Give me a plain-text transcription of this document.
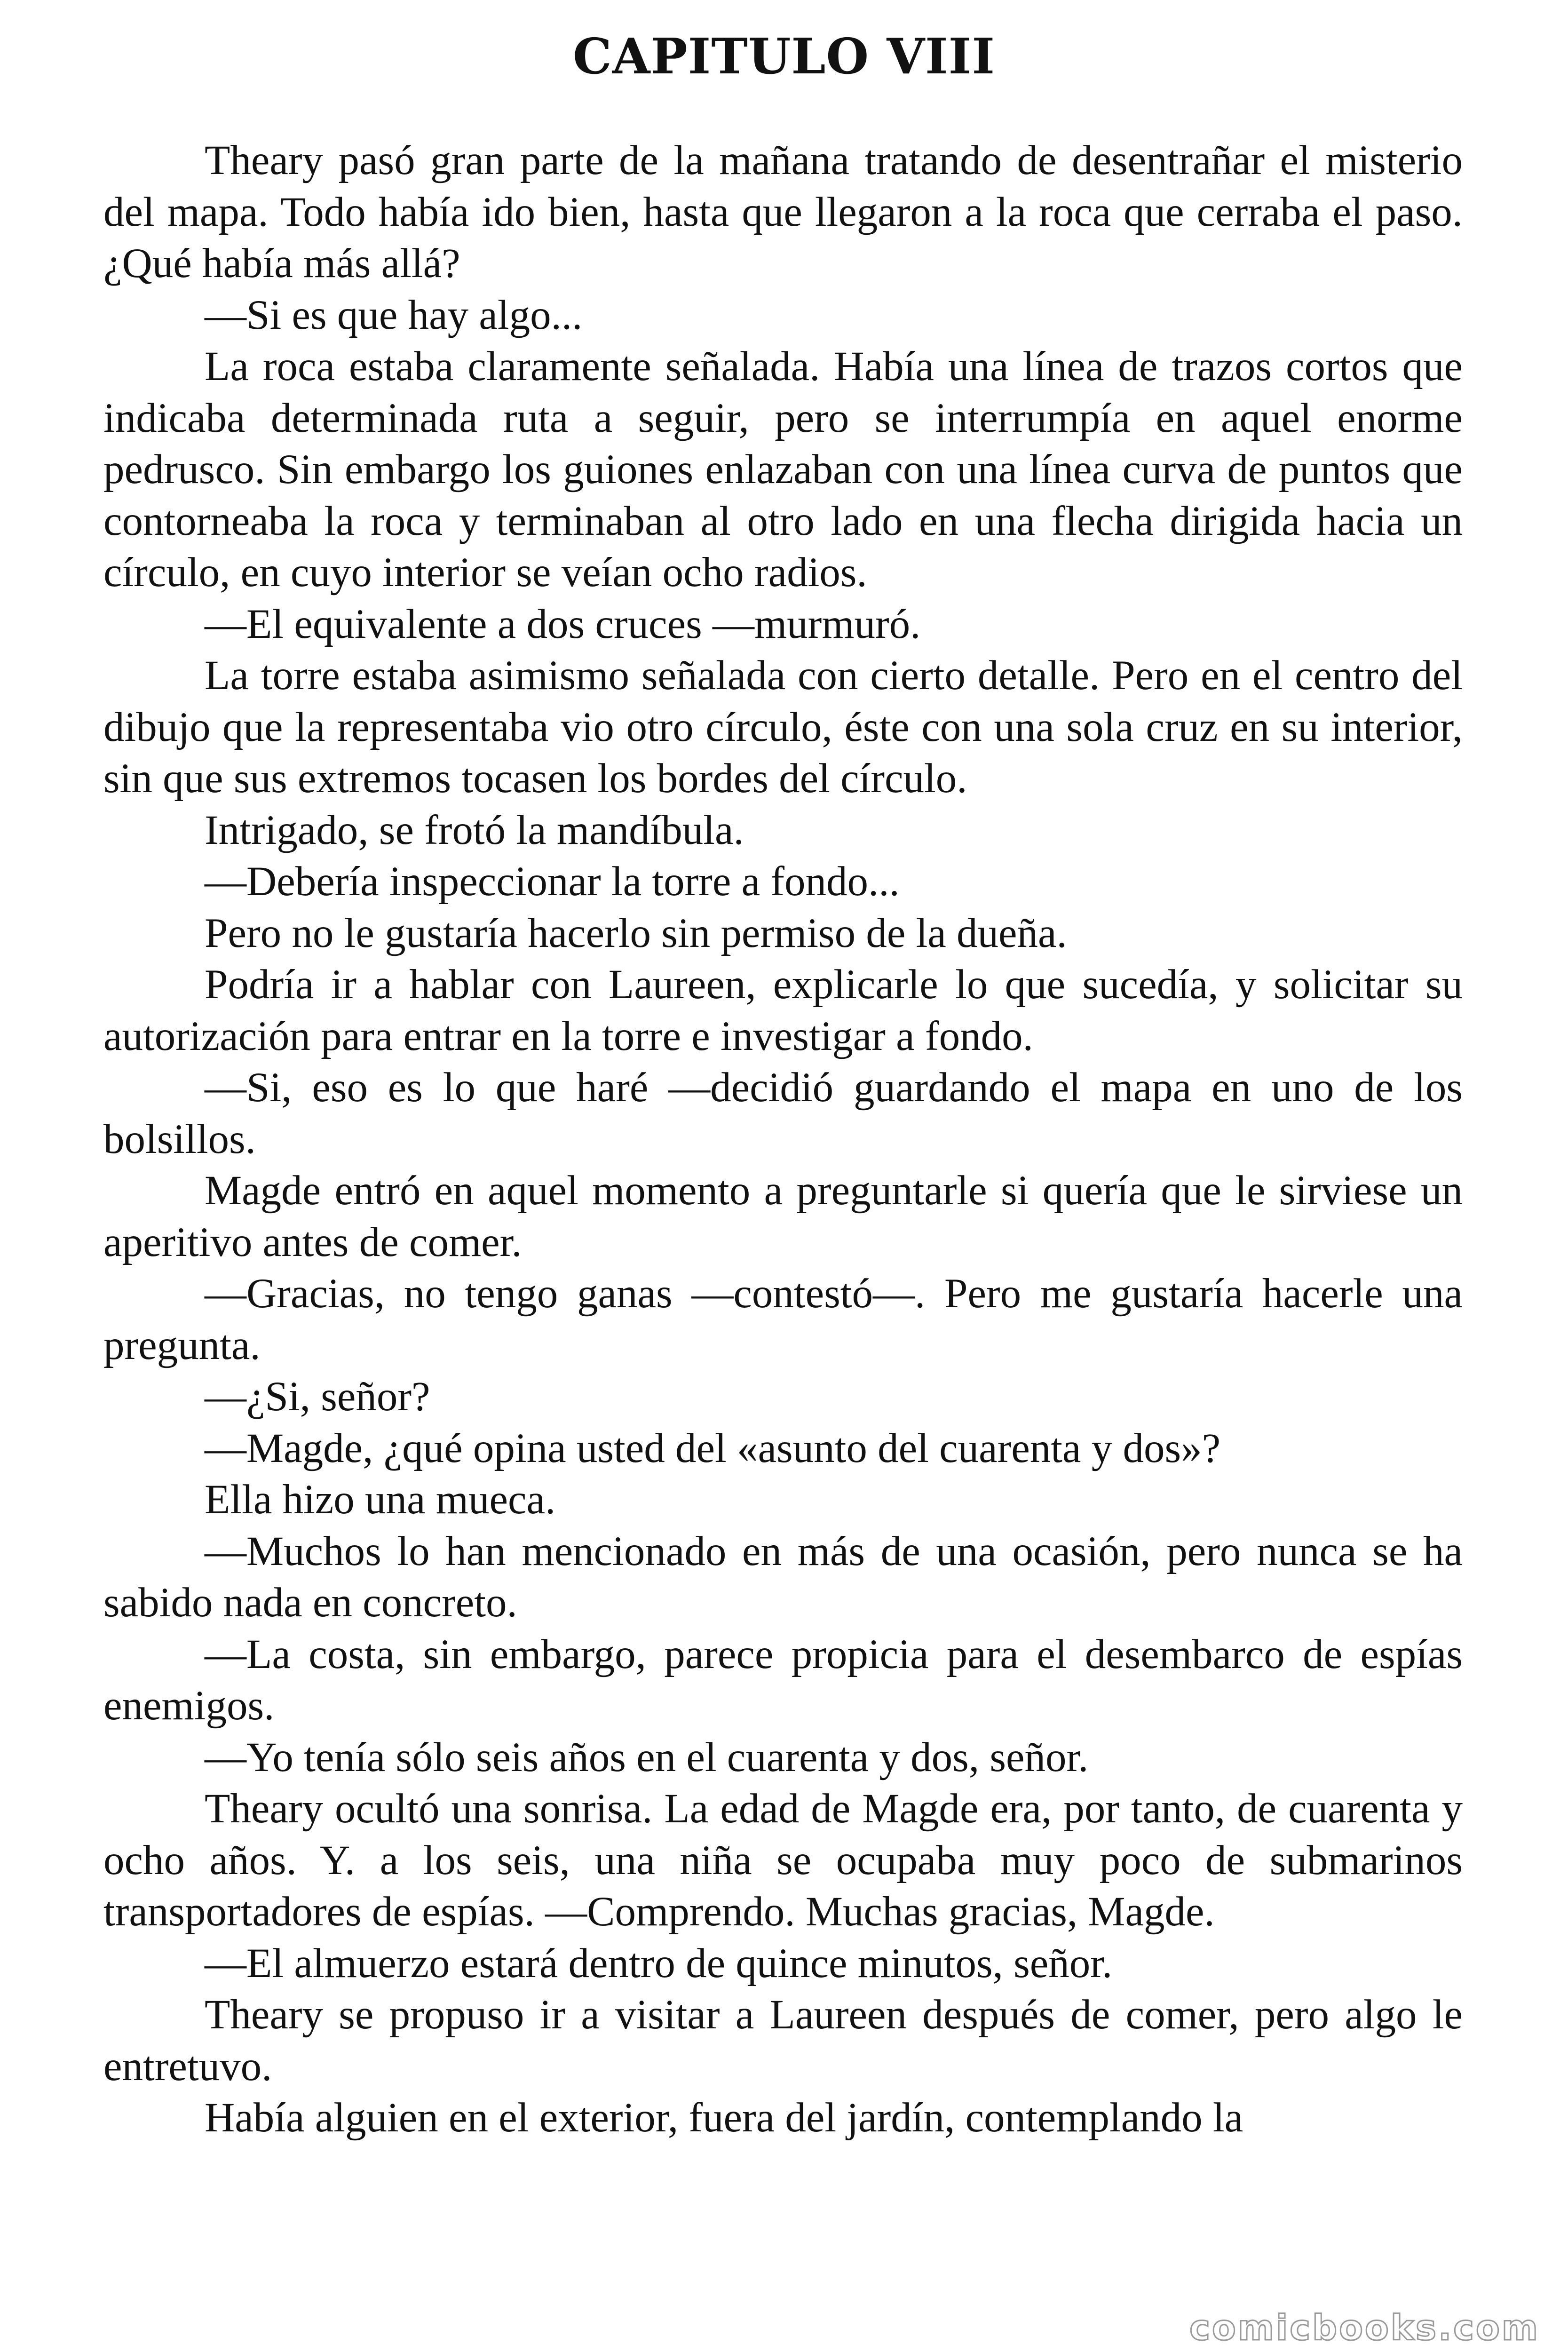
CAPITULO VIII

Theary pasó gran parte de la mañana tratando de desentrañar el misterio del mapa. Todo había ido bien, hasta que llegaron a la roca que cerraba el paso. ¿Qué había más allá?

—Si es que hay algo...

La roca estaba claramente señalada. Había una línea de trazos cortos que indicaba determinada ruta a seguir, pero se interrumpía en aquel enorme pedrusco. Sin embargo los guiones enlazaban con una línea curva de puntos que contorneaba la roca y terminaban al otro lado en una flecha dirigida hacia un círculo, en cuyo interior se veían ocho radios.

—El equivalente a dos cruces —murmuró.

La torre estaba asimismo señalada con cierto detalle. Pero en el centro del dibujo que la representaba vio otro círculo, éste con una sola cruz en su interior, sin que sus extremos tocasen los bordes del círculo.

Intrigado, se frotó la mandíbula.

—Debería inspeccionar la torre a fondo...

Pero no le gustaría hacerlo sin permiso de la dueña.

Podría ir a hablar con Laureen, explicarle lo que sucedía, y solicitar su autorización para entrar en la torre e investigar a fondo.

—Si, eso es lo que haré —decidió guardando el mapa en uno de los bolsillos.

Magde entró en aquel momento a preguntarle si quería que le sirviese un aperitivo antes de comer.

—Gracias, no tengo ganas —contestó—. Pero me gustaría hacerle una pregunta.

—¿Si, señor?

—Magde, ¿qué opina usted del «asunto del cuarenta y dos»?

Ella hizo una mueca.

—Muchos lo han mencionado en más de una ocasión, pero nunca se ha sabido nada en concreto.

—La costa, sin embargo, parece propicia para el desembarco de espías enemigos.

—Yo tenía sólo seis años en el cuarenta y dos, señor.

Theary ocultó una sonrisa. La edad de Magde era, por tanto, de cuarenta y ocho años. Y. a los seis, una niña se ocupaba muy poco de submarinos transportadores de espías. —Comprendo. Muchas gracias, Magde.

—El almuerzo estará dentro de quince minutos, señor.

Theary se propuso ir a visitar a Laureen después de comer, pero algo le entretuvo.

Había alguien en el exterior, fuera del jardín, contemplando la

comicbooks.com
